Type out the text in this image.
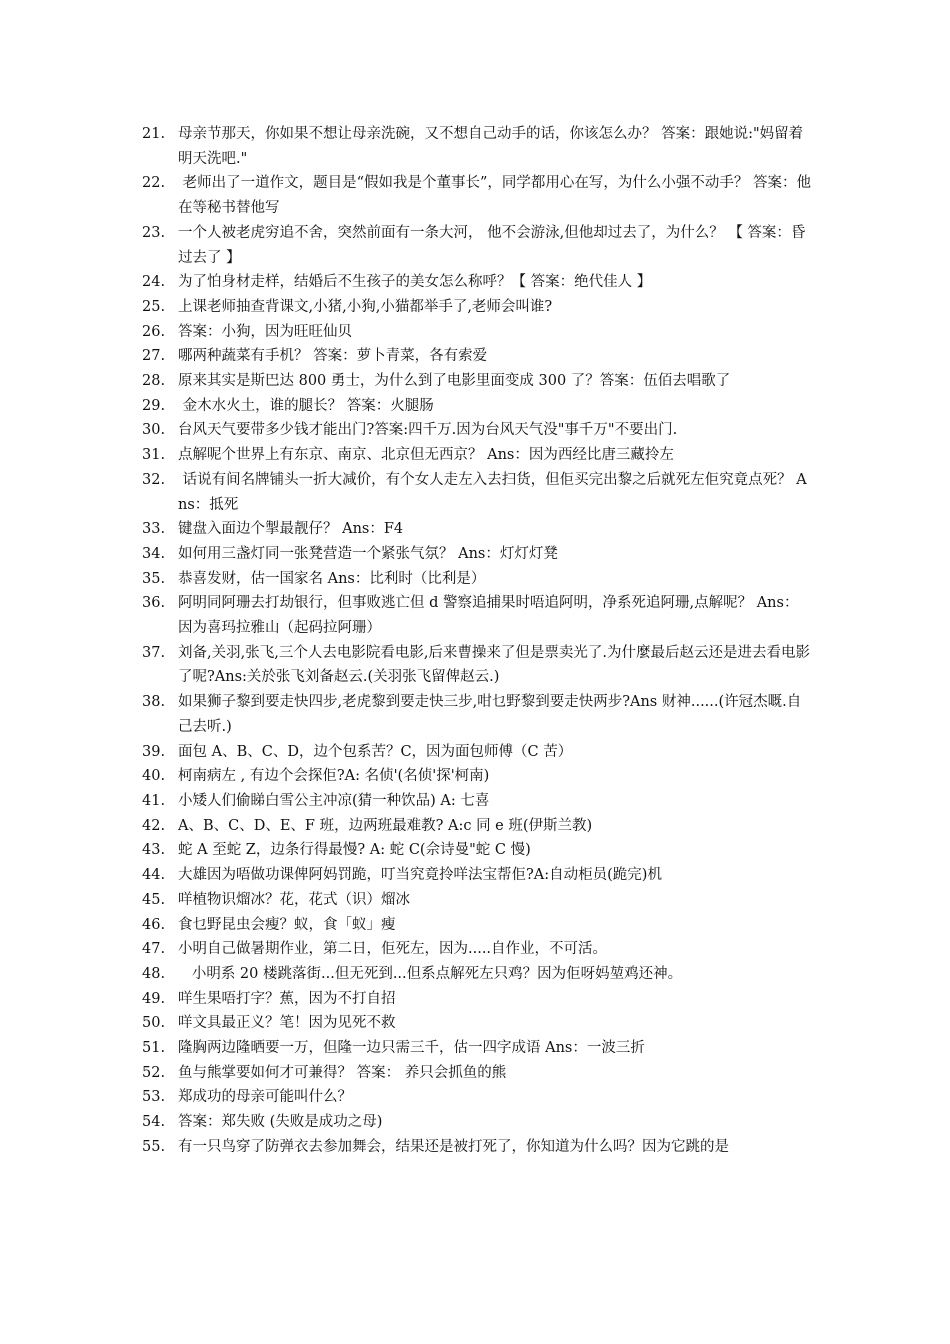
21. 母亲节那天，你如果不想让母亲洗碗，又不想自己动手的话，你该怎么办？ 答案：跟她说:"妈留着明天洗吧."
22. 老师出了一道作文，题目是“假如我是个董事长”，同学都用心在写，为什么小强不动手？ 答案：他在等秘书替他写
23. 一个人被老虎穷追不舍，突然前面有一条大河， 他不会游泳,但他却过去了，为什么？ 【 答案：昏过去了 】
24. 为了怕身材走样，结婚后不生孩子的美女怎么称呼？【 答案：绝代佳人 】
25. 上课老师抽查背课文,小猪,小狗,小猫都举手了,老师会叫谁?
26. 答案：小狗，因为旺旺仙贝
27. 哪两种蔬菜有手机？ 答案：萝卜青菜，各有索爱
28. 原来其实是斯巴达 800 勇士，为什么到了电影里面变成 300 了？答案：伍佰去唱歌了
29. 金木水火土，谁的腿长？ 答案：火腿肠
30. 台风天气要带多少钱才能出门?答案:四千万.因为台风天气没"事千万"不要出门.
31. 点解呢个世界上有东京、南京、北京但无西京？ Ans：因为西经比唐三藏拎左
32. 话说有间名牌铺头一折大减价，有个女人走左入去扫货，但佢买完出黎之后就死左佢究竟点死？ Ans：抵死
33. 键盘入面边个掣最靓仔？ Ans：F4
34. 如何用三盏灯同一张凳营造一个紧张气氛？ Ans：灯灯灯凳
35. 恭喜发财，估一国家名 Ans：比利时（比利是）
36. 阿明同阿珊去打劫银行，但事败逃亡但 d 警察追捕果时唔追阿明，净系死追阿珊,点解呢？ Ans：因为喜玛拉雅山（起码拉阿珊）
37. 刘备,关羽,张飞,三个人去电影院看电影,后来曹操来了但是票卖光了.为什麼最后赵云还是进去看电影了呢?Ans:关於张飞刘备赵云.(关羽张飞留俾赵云.)
38. 如果狮子黎到要走快四步,老虎黎到要走快三步,咁乜野黎到要走快两步?Ans 财神......(许冠杰嘅.自己去听.)
39. 面包 A、B、C、D，边个包系苦？C，因为面包师傅（C 苦）
40. 柯南病左 , 有边个会探佢?A: 名侦'(名侦'探'柯南)
41. 小矮人们偷睇白雪公主冲凉(猜一种饮品) A: 七喜
42. A、B、C、D、E、F 班，边两班最难教? A:c 同 e 班(伊斯兰教)
43. 蛇 A 至蛇 Z，边条行得最慢? A: 蛇 C(佘诗曼"蛇 C 慢)
44. 大雄因为唔做功课俾阿妈罚跪，叮当究竟拎咩法宝帮佢?A:自动柜员(跪完)机
45. 咩植物识熘冰？花，花式（识）熘冰
46. 食乜野昆虫会瘦？蚁，食「蚁」瘦
47. 小明自己做暑期作业，第二日，佢死左，因为.....自作业，不可活。
48. 小明系 20 楼跳落街...但无死到...但系点解死左只鸡？因为佢呀妈堃鸡还神。
49. 咩生果唔打字？蕉，因为不打自招
50. 咩文具最正义？笔！因为见死不救
51. 隆胸两边隆晒要一万，但隆一边只需三千，估一四字成语 Ans：一波三折
52. 鱼与熊掌要如何才可兼得？ 答案： 养只会抓鱼的熊
53. 郑成功的母亲可能叫什么？
54. 答案：郑失败 (失败是成功之母)
55. 有一只鸟穿了防弹衣去参加舞会，结果还是被打死了，你知道为什么吗？因为它跳的是
